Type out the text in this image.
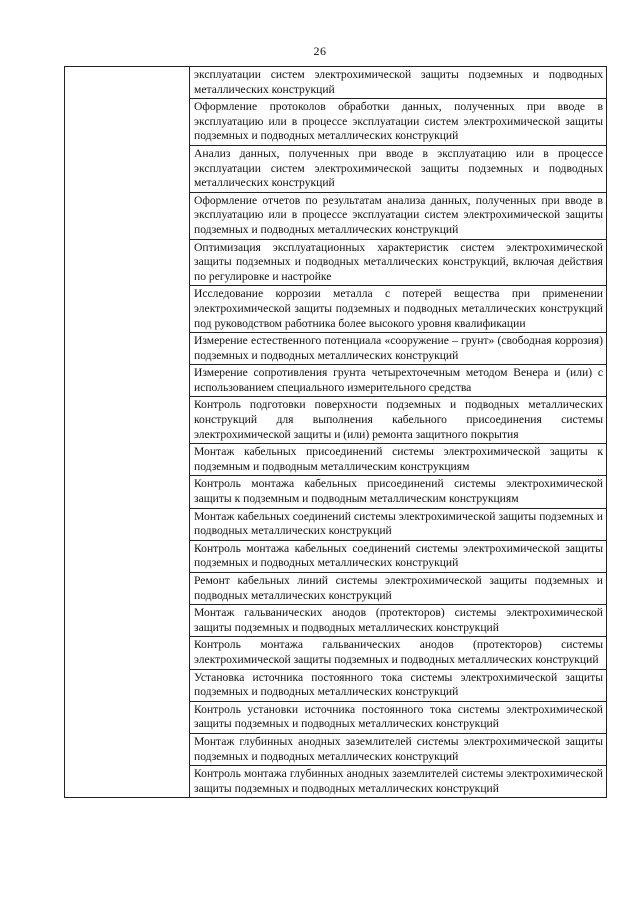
26

эксплуатации систем электрохимической защиты подземных и подводных металлических конструкций

Оформление протоколов обработки данных, полученных при вводе в эксплуатацию или в процессе эксплуатации систем электрохимической защиты подземных и подводных металлических конструкций

Анализ данных, полученных при вводе в эксплуатацию или в процессе эксплуатации систем электрохимической защиты подземных и подводных металлических конструкций

Оформление отчетов по результатам анализа данных, полученных при вводе в эксплуатацию или в процессе эксплуатации систем электрохимической защиты подземных и подводных металлических конструкций

Оптимизация эксплуатационных характеристик систем электрохимической защиты подземных и подводных металлических конструкций, включая действия по регулировке и настройке

Исследование коррозии металла с потерей вещества при применении электрохимической защиты подземных и подводных металлических конструкций под руководством работника более высокого уровня квалификации

Измерение естественного потенциала «сооружение – грунт» (свободная коррозия) подземных и подводных металлических конструкций

Измерение сопротивления грунта четырехточечным методом Венера и (или) с использованием специального измерительного средства

Контроль подготовки поверхности подземных и подводных металлических конструкций для выполнения кабельного присоединения системы электрохимической защиты и (или) ремонта защитного покрытия

Монтаж кабельных присоединений системы электрохимической защиты к подземным и подводным металлическим конструкциям

Контроль монтажа кабельных присоединений системы электрохимической защиты к подземным и подводным металлическим конструкциям

Монтаж кабельных соединений системы электрохимической защиты подземных и подводных металлических конструкций

Контроль монтажа кабельных соединений системы электрохимической защиты подземных и подводных металлических конструкций

Ремонт кабельных линий системы электрохимической защиты подземных и подводных металлических конструкций

Монтаж гальванических анодов (протекторов) системы электрохимической защиты подземных и подводных металлических конструкций

Контроль монтажа гальванических анодов (протекторов) системы электрохимической защиты подземных и подводных металлических конструкций

Установка источника постоянного тока системы электрохимической защиты подземных и подводных металлических конструкций

Контроль установки источника постоянного тока системы электрохимической защиты подземных и подводных металлических конструкций

Монтаж глубинных анодных заземлителей системы электрохимической защиты подземных и подводных металлических конструкций

Контроль монтажа глубинных анодных заземлителей системы электрохимической защиты подземных и подводных металлических конструкций
